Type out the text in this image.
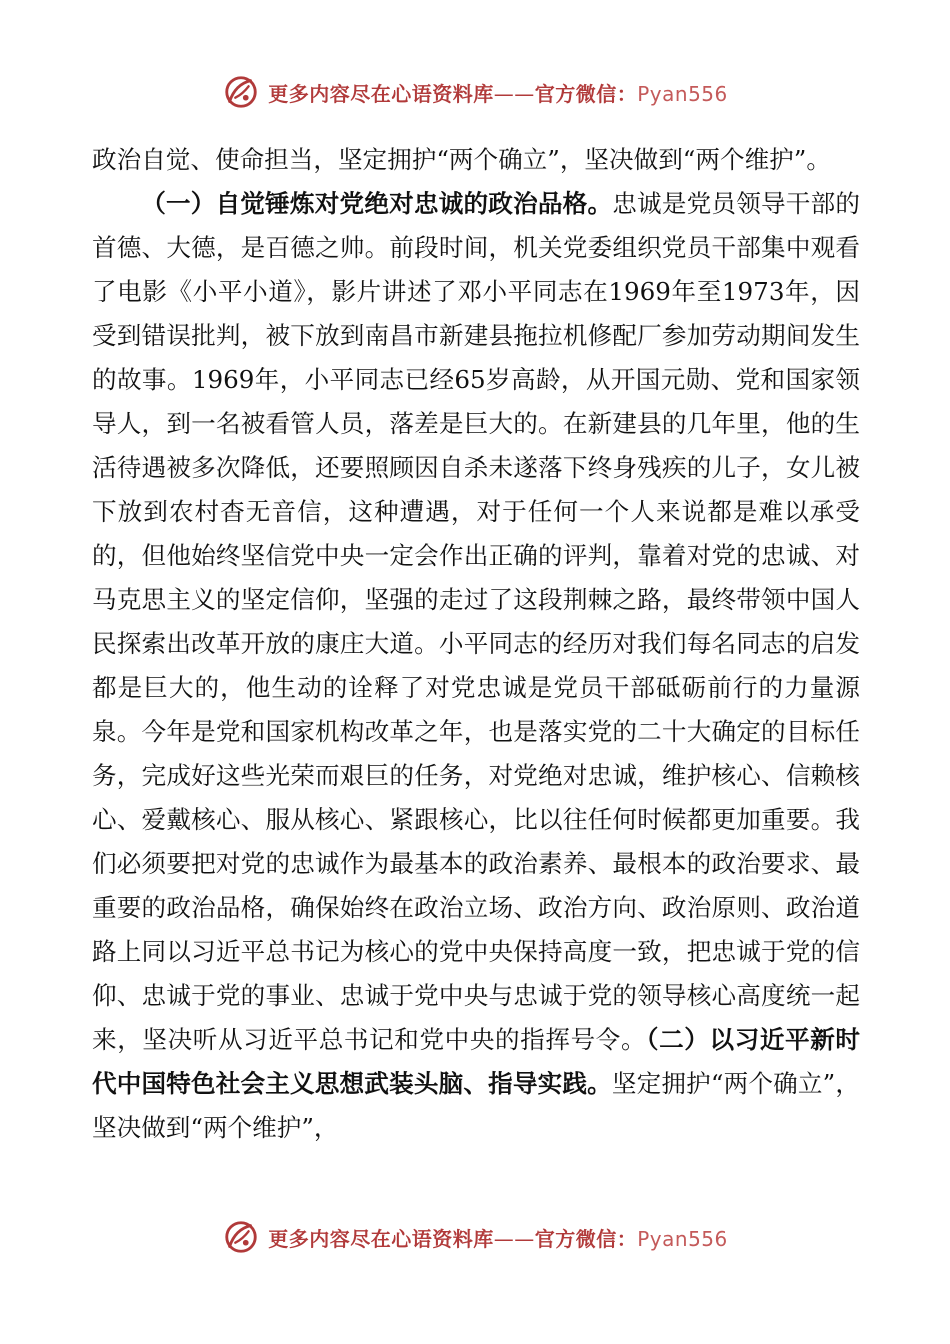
更多内容尽在心语资料库——官方微信：Pyan556

政治自觉、使命担当，坚定拥护“两个确立”，坚决做到“两个维护”。

（一）自觉锤炼对党绝对忠诚的政治品格。忠诚是党员领导干部的首德、大德，是百德之帅。前段时间，机关党委组织党员干部集中观看了电影《小平小道》，影片讲述了邓小平同志在1969年至1973年，因受到错误批判，被下放到南昌市新建县拖拉机修配厂参加劳动期间发生的故事。1969年，小平同志已经65岁高龄，从开国元勋、党和国家领导人，到一名被看管人员，落差是巨大的。在新建县的几年里，他的生活待遇被多次降低，还要照顾因自杀未遂落下终身残疾的儿子，女儿被下放到农村杳无音信，这种遭遇，对于任何一个人来说都是难以承受的，但他始终坚信党中央一定会作出正确的评判，靠着对党的忠诚、对马克思主义的坚定信仰，坚强的走过了这段荆棘之路，最终带领中国人民探索出改革开放的康庄大道。小平同志的经历对我们每名同志的启发都是巨大的，他生动的诠释了对党忠诚是党员干部砥砺前行的力量源泉。今年是党和国家机构改革之年，也是落实党的二十大确定的目标任务，完成好这些光荣而艰巨的任务，对党绝对忠诚，维护核心、信赖核心、爱戴核心、服从核心、紧跟核心，比以往任何时候都更加重要。我们必须要把对党的忠诚作为最基本的政治素养、最根本的政治要求、最重要的政治品格，确保始终在政治立场、政治方向、政治原则、政治道路上同以习近平总书记为核心的党中央保持高度一致，把忠诚于党的信仰、忠诚于党的事业、忠诚于党中央与忠诚于党的领导核心高度统一起来，坚决听从习近平总书记和党中央的指挥号令。（二）以习近平新时代中国特色社会主义思想武装头脑、指导实践。坚定拥护“两个确立”，坚决做到“两个维护”，

更多内容尽在心语资料库——官方微信：Pyan556
